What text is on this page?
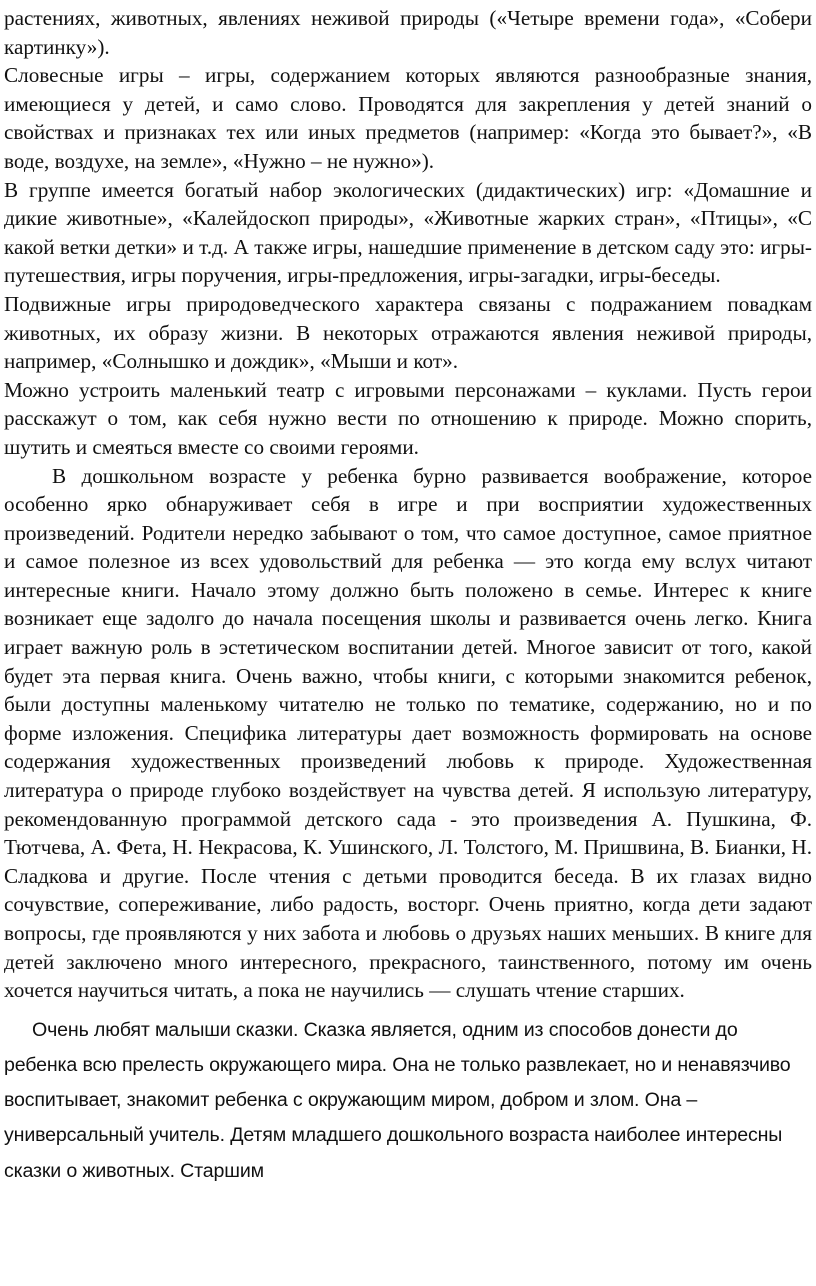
растениях, животных, явлениях неживой природы («Четыре времени года», «Собери картинку»).

Словесные игры – игры, содержанием которых являются разнообразные знания, имеющиеся у детей, и само слово. Проводятся для закрепления у детей знаний о свойствах и признаках тех или иных предметов (например: «Когда это бывает?», «В воде, воздухе, на земле», «Нужно – не нужно»).

В группе имеется богатый набор экологических (дидактических) игр: «Домашние и дикие животные», «Калейдоскоп природы», «Животные жарких стран», «Птицы», «С какой ветки детки» и т.д. А также игры, нашедшие применение в детском саду это: игры-путешествия, игры поручения, игры-предложения, игры-загадки, игры-беседы.

Подвижные игры природоведческого характера связаны с подражанием повадкам животных, их образу жизни. В некоторых отражаются явления неживой природы, например, «Солнышко и дождик», «Мыши и кот».

Можно устроить маленький театр с игровыми персонажами – куклами. Пусть герои расскажут о том, как себя нужно вести по отношению к природе. Можно спорить, шутить и смеяться вместе со своими героями.

В дошкольном возрасте у ребенка бурно развивается воображение, которое особенно ярко обнаруживает себя в игре и при восприятии художественных произведений. Родители нередко забывают о том, что самое доступное, самое приятное и самое полезное из всех удовольствий для ребенка — это когда ему вслух читают интересные книги. Начало этому должно быть положено в семье. Интерес к книге возникает еще задолго до начала посещения школы и развивается очень легко. Книга играет важную роль в эстетическом воспитании детей. Многое зависит от того, какой будет эта первая книга. Очень важно, чтобы книги, с которыми знакомится ребенок, были доступны маленькому читателю не только по тематике, содержанию, но и по форме изложения. Специфика литературы дает возможность формировать на основе содержания художественных произведений любовь к природе. Художественная литература о природе глубоко воздействует на чувства детей. Я использую литературу, рекомендованную программой детского сада - это произведения А. Пушкина, Ф. Тютчева, А. Фета, Н. Некрасова, К. Ушинского, Л. Толстого, М. Пришвина, В. Бианки, Н. Сладкова и другие. После чтения с детьми проводится беседа. В их глазах видно сочувствие, сопереживание, либо радость, восторг. Очень приятно, когда дети задают вопросы, где проявляются у них забота и любовь о друзьях наших меньших. В книге для детей заключено много интересного, прекрасного, таинственного, потому им очень хочется научиться читать, а пока не научились — слушать чтение старших.

Очень любят малыши сказки. Сказка является, одним из способов донести до ребенка всю прелесть окружающего мира. Она не только развлекает, но и ненавязчиво воспитывает, знакомит ребенка с окружающим миром, добром и злом. Она – универсальный учитель. Детям младшего дошкольного возраста наиболее интересны сказки о животных. Старшим
